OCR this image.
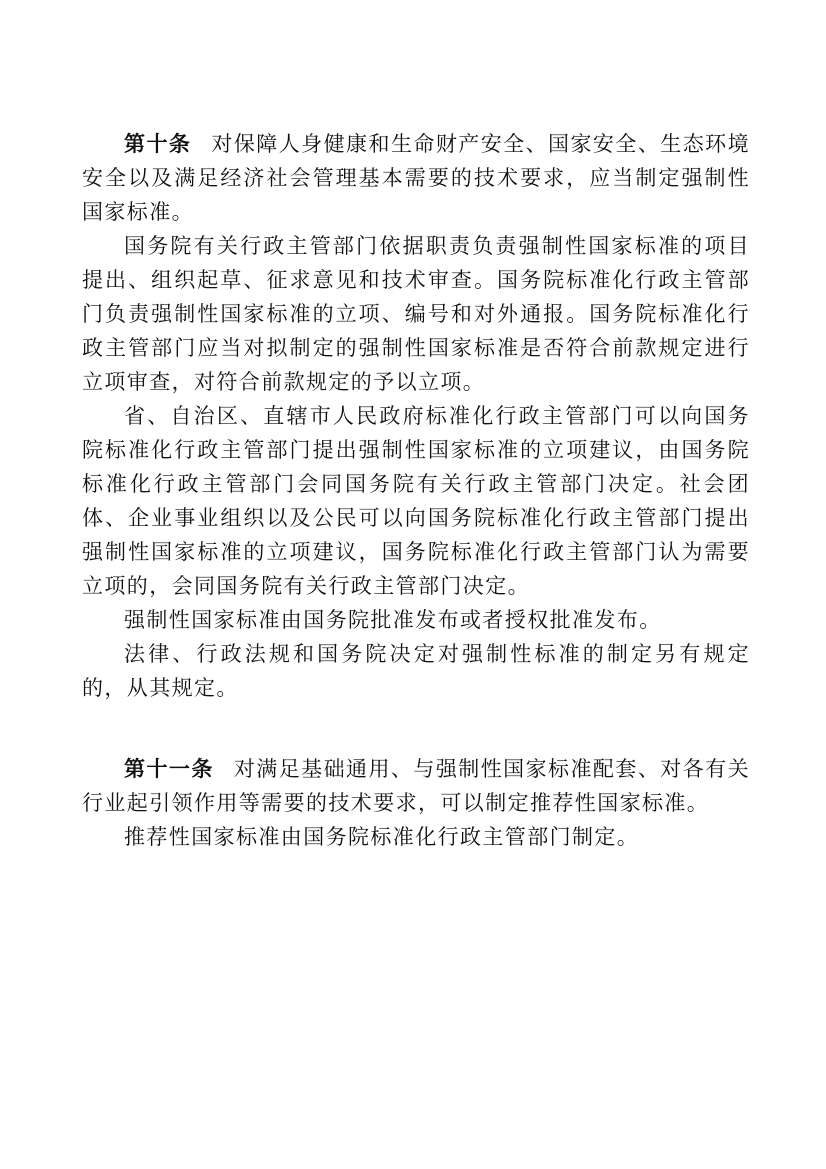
第十条 对保障人身健康和生命财产安全、国家安全、生态环境安全以及满足经济社会管理基本需要的技术要求，应当制定强制性国家标准。

国务院有关行政主管部门依据职责负责强制性国家标准的项目提出、组织起草、征求意见和技术审查。国务院标准化行政主管部门负责强制性国家标准的立项、编号和对外通报。国务院标准化行政主管部门应当对拟制定的强制性国家标准是否符合前款规定进行立项审查，对符合前款规定的予以立项。

省、自治区、直辖市人民政府标准化行政主管部门可以向国务院标准化行政主管部门提出强制性国家标准的立项建议，由国务院标准化行政主管部门会同国务院有关行政主管部门决定。社会团体、企业事业组织以及公民可以向国务院标准化行政主管部门提出强制性国家标准的立项建议，国务院标准化行政主管部门认为需要立项的，会同国务院有关行政主管部门决定。

强制性国家标准由国务院批准发布或者授权批准发布。

法律、行政法规和国务院决定对强制性标准的制定另有规定的，从其规定。

第十一条 对满足基础通用、与强制性国家标准配套、对各有关行业起引领作用等需要的技术要求，可以制定推荐性国家标准。

推荐性国家标准由国务院标准化行政主管部门制定。
